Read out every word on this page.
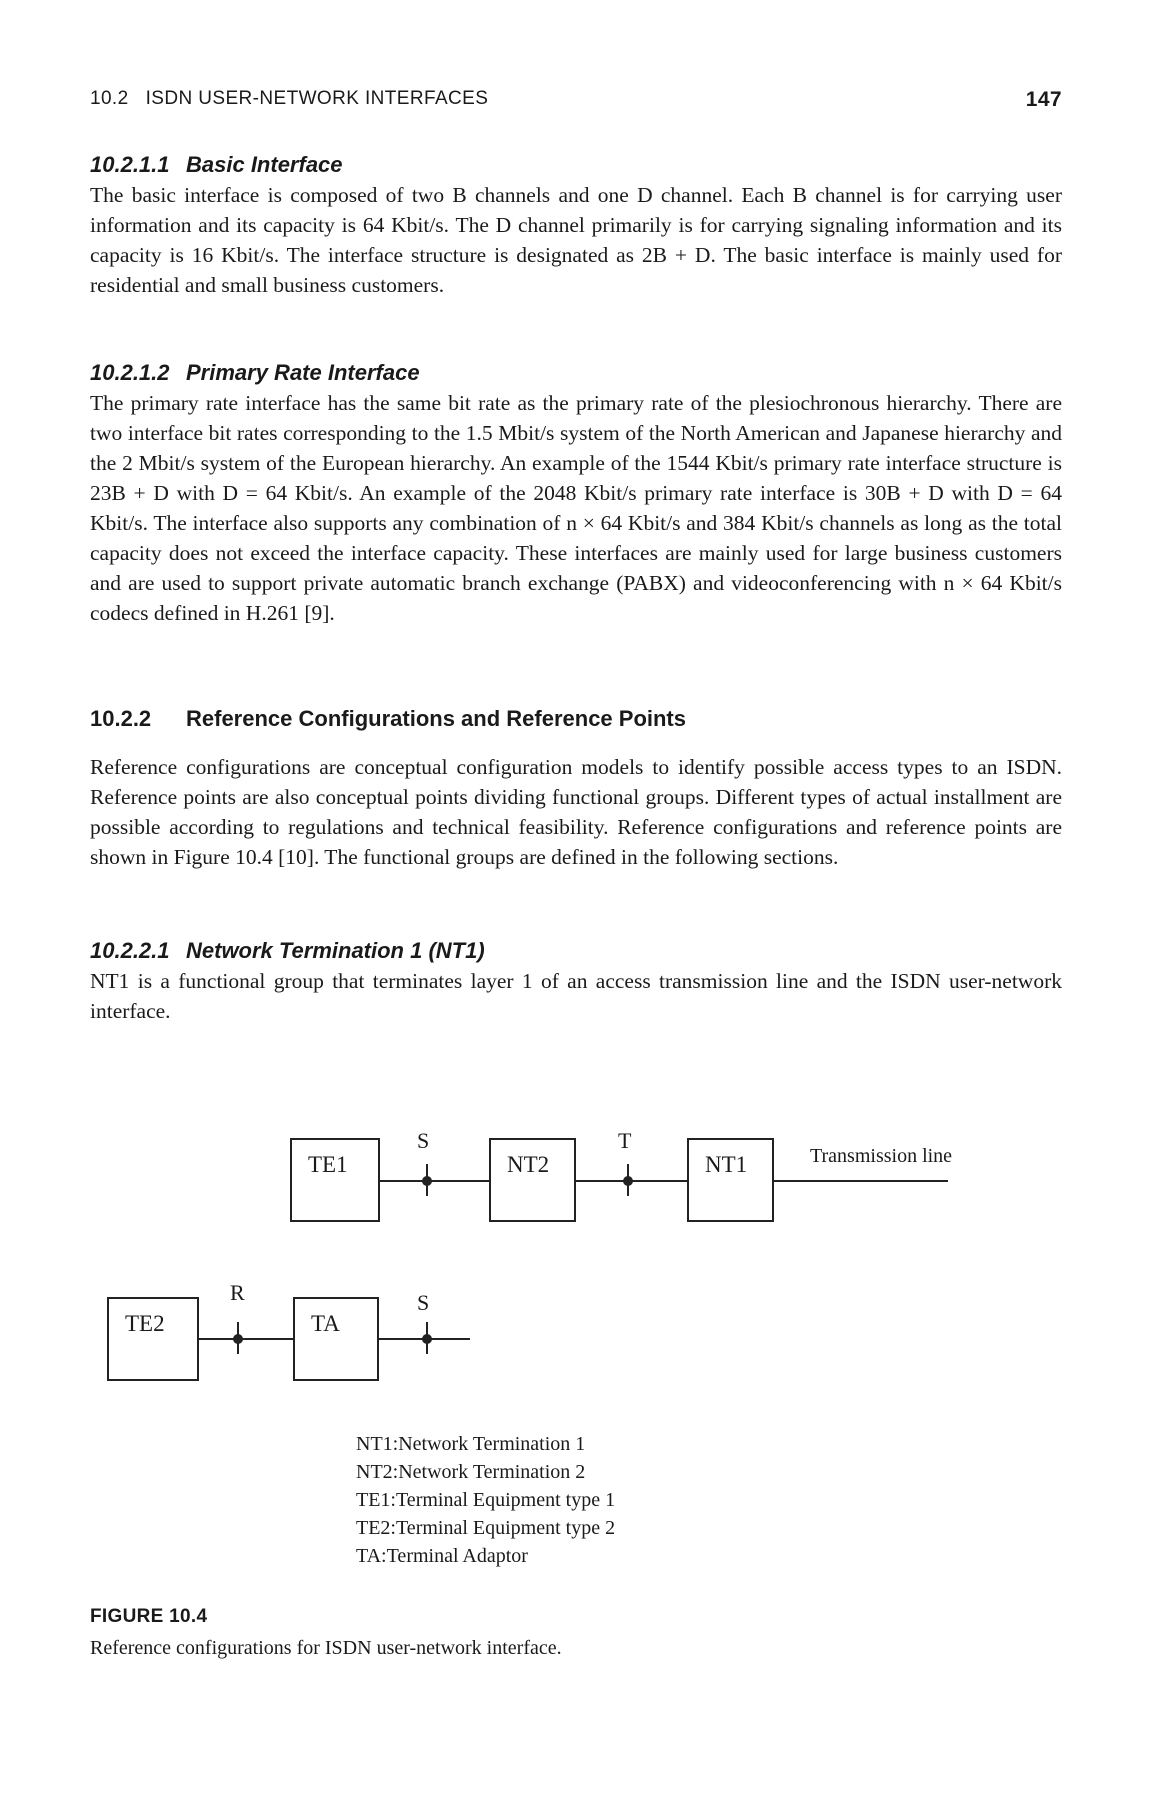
10.2   ISDN USER-NETWORK INTERFACES	147

10.2.1.1 Basic Interface

The basic interface is composed of two B channels and one D channel. Each B channel is for carrying user information and its capacity is 64 Kbit/s. The D channel primarily is for carrying signaling information and its capacity is 16 Kbit/s. The interface structure is designated as 2B + D. The basic interface is mainly used for residential and small business customers.

10.2.1.2 Primary Rate Interface

The primary rate interface has the same bit rate as the primary rate of the plesiochronous hierarchy. There are two interface bit rates corresponding to the 1.5 Mbit/s system of the North American and Japanese hierarchy and the 2 Mbit/s system of the European hierarchy. An example of the 1544 Kbit/s primary rate interface structure is 23B + D with D = 64 Kbit/s. An example of the 2048 Kbit/s primary rate interface is 30B + D with D = 64 Kbit/s. The interface also supports any combination of n × 64 Kbit/s and 384 Kbit/s channels as long as the total capacity does not exceed the interface capacity. These interfaces are mainly used for large business customers and are used to support private automatic branch exchange (PABX) and videoconferencing with n × 64 Kbit/s codecs defined in H.261 [9].

10.2.2 Reference Configurations and Reference Points

Reference configurations are conceptual configuration models to identify possible access types to an ISDN. Reference points are also conceptual points dividing functional groups. Different types of actual installment are possible according to regulations and technical feasibility. Reference configurations and reference points are shown in Figure 10.4 [10]. The functional groups are defined in the following sections.

10.2.2.1 Network Termination 1 (NT1)

NT1 is a functional group that terminates layer 1 of an access transmission line and the ISDN user-network interface.

TE1	NT2	NT1
TE2	TA
S	T
R	S
Transmission line
NT1:Network Termination 1
NT2:Network Termination 2
TE1:Terminal Equipment type 1
TE2:Terminal Equipment type 2
TA:Terminal Adaptor
FIGURE 10.4
Reference configurations for ISDN user-network interface.
